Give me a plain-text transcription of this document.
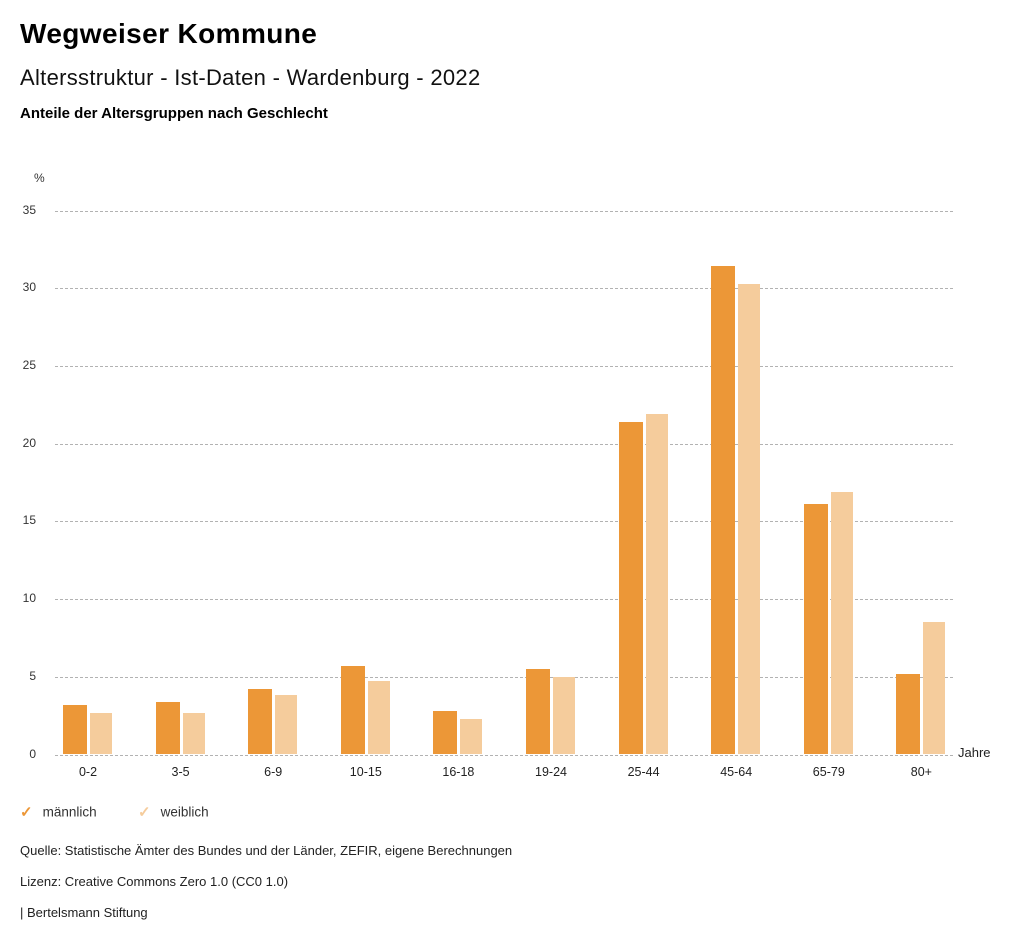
Wegweiser Kommune
Altersstruktur - Ist-Daten - Wardenburg - 2022
Anteile der Altersgruppen nach Geschlecht
%
0
5
10
15
20
25
30
35
0-2	3-5	6-9	10-15	16-18	19-24	25-44	45-64	65-79	80+
Jahre
✓ männlich	✓ weiblich
Quelle: Statistische Ämter des Bundes und der Länder, ZEFIR, eigene Berechnungen
Lizenz: Creative Commons Zero 1.0 (CC0 1.0)
| Bertelsmann Stiftung
